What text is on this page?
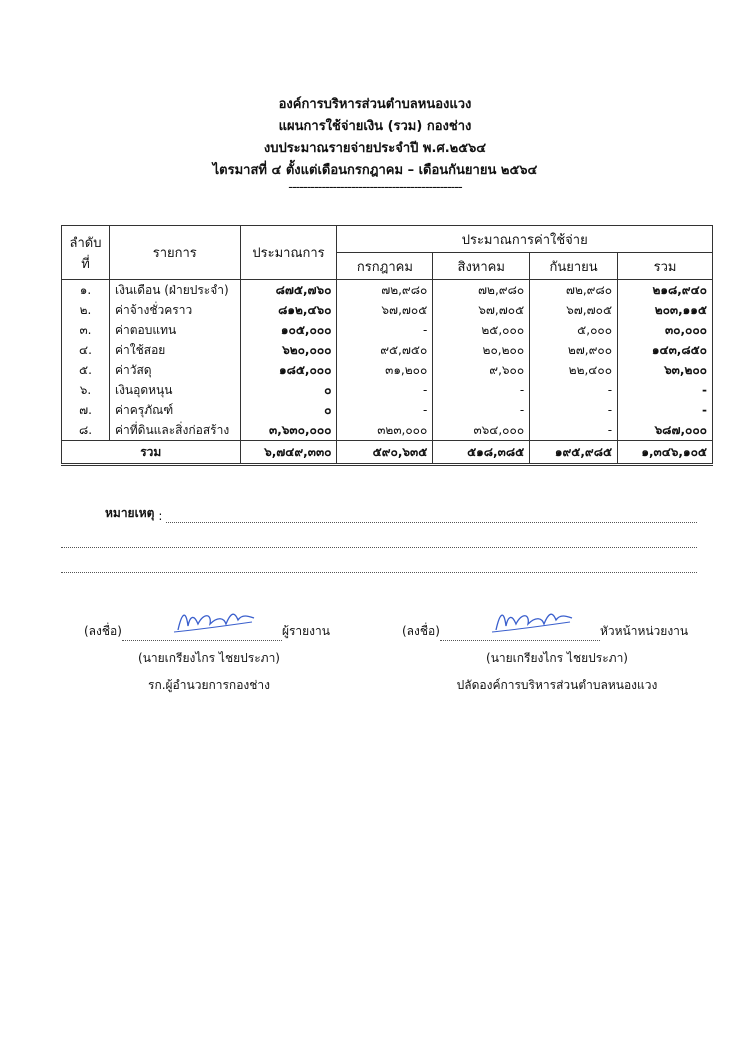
องค์การบริหารส่วนตำบลหนองแวง
แผนการใช้จ่ายเงิน (รวม) กองช่าง
งบประมาณรายจ่ายประจำปี พ.ศ.๒๕๖๔
ไตรมาสที่ ๔ ตั้งแต่เดือนกรกฎาคม – เดือนกันยายน ๒๕๖๔
-----------------------------------------------
ลำดับที่	รายการ	ประมาณการ	ประมาณการค่าใช้จ่าย			
			กรกฎาคม	สิงหาคม	กันยายน	รวม
๑.	เงินเดือน (ฝ่ายประจำ)	๘๗๕,๗๖๐	๗๒,๙๘๐	๗๒,๙๘๐	๗๒,๙๘๐	๒๑๘,๙๔๐
๒.	ค่าจ้างชั่วคราว	๘๑๒,๔๖๐	๖๗,๗๐๕	๖๗,๗๐๕	๖๗,๗๐๕	๒๐๓,๑๑๕
๓.	ค่าตอบแทน	๑๐๕,๐๐๐	-	๒๕,๐๐๐	๕,๐๐๐	๓๐,๐๐๐
๔.	ค่าใช้สอย	๖๒๐,๐๐๐	๙๕,๗๕๐	๒๐,๒๐๐	๒๗,๙๐๐	๑๔๓,๘๕๐
๕.	ค่าวัสดุ	๑๘๕,๐๐๐	๓๑,๒๐๐	๙,๖๐๐	๒๒,๔๐๐	๖๓,๒๐๐
๖.	เงินอุดหนุน	๐	-	-	-	-
๗.	ค่าครุภัณฑ์	๐	-	-	-	-
๘.	ค่าที่ดินและสิ่งก่อสร้าง	๓,๖๓๐,๐๐๐	๓๒๓,๐๐๐	๓๖๔,๐๐๐	-	๖๘๗,๐๐๐
รวม		๖,๗๔๙,๓๓๐	๕๙๐,๖๓๕	๕๑๘,๓๘๕	๑๙๕,๙๘๕	๑,๓๔๖,๑๐๕
หมายเหตุ :
(ลงชื่อ)	ผู้รายงาน
(นายเกรียงไกร ไชยประภา)
รก.ผู้อำนวยการกองช่าง
(ลงชื่อ)	หัวหน้าหน่วยงาน
(นายเกรียงไกร ไชยประภา)
ปลัดองค์การบริหารส่วนตำบลหนองแวง
